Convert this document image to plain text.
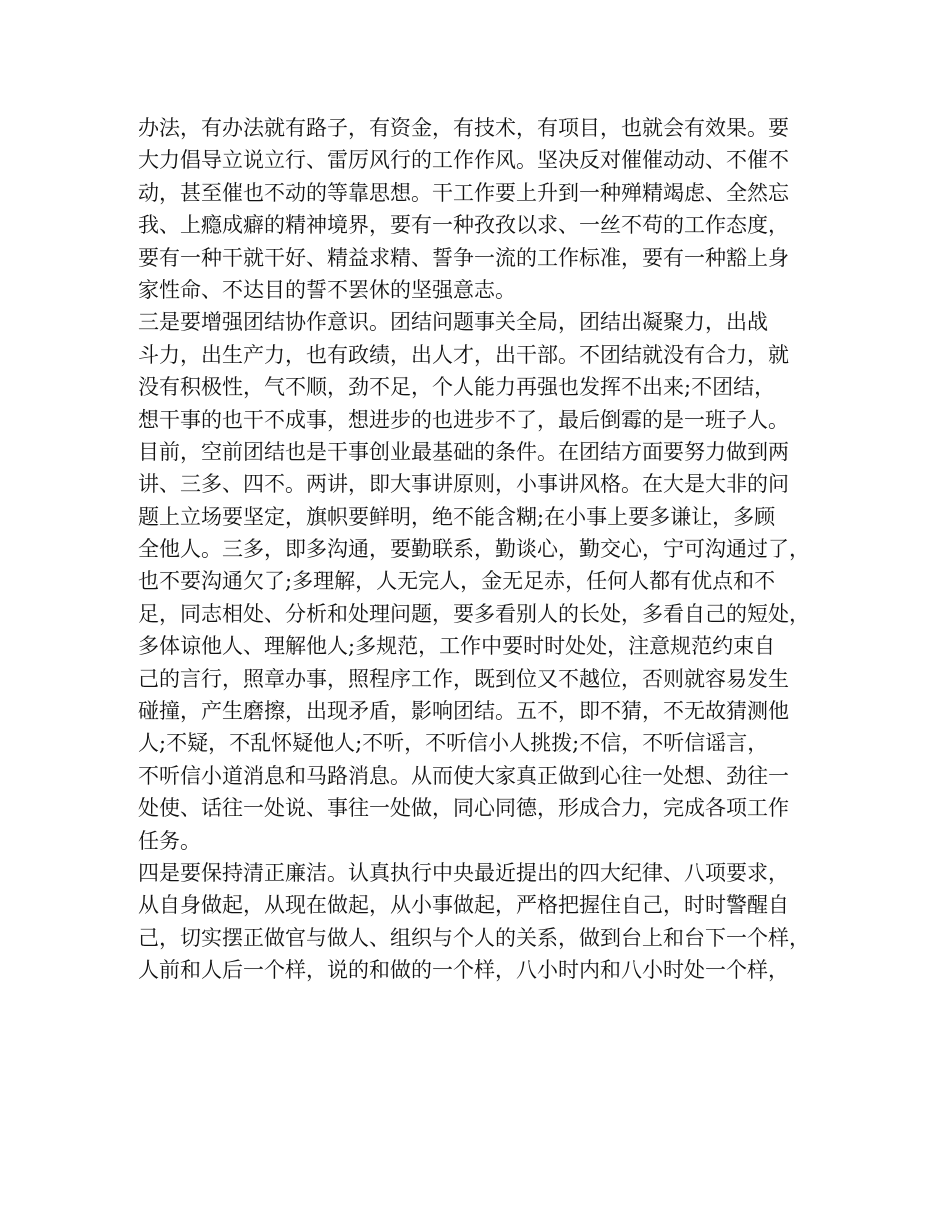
办法，有办法就有路子，有资金，有技术，有项目，也就会有效果。要
大力倡导立说立行、雷厉风行的工作作风。坚决反对催催动动、不催不
动，甚至催也不动的等靠思想。干工作要上升到一种殚精竭虑、全然忘
我、上瘾成癖的精神境界，要有一种孜孜以求、一丝不苟的工作态度，
要有一种干就干好、精益求精、誓争一流的工作标准，要有一种豁上身
家性命、不达目的誓不罢休的坚强意志。
三是要增强团结协作意识。团结问题事关全局，团结出凝聚力，出战
斗力，出生产力，也有政绩，出人才，出干部。不团结就没有合力，就
没有积极性，气不顺，劲不足，个人能力再强也发挥不出来;不团结，
想干事的也干不成事，想进步的也进步不了，最后倒霉的是一班子人。
目前，空前团结也是干事创业最基础的条件。在团结方面要努力做到两
讲、三多、四不。两讲，即大事讲原则，小事讲风格。在大是大非的问
题上立场要坚定，旗帜要鲜明，绝不能含糊;在小事上要多谦让，多顾
全他人。三多，即多沟通，要勤联系，勤谈心，勤交心，宁可沟通过了，
也不要沟通欠了;多理解，人无完人，金无足赤，任何人都有优点和不
足，同志相处、分析和处理问题，要多看别人的长处，多看自己的短处，
多体谅他人、理解他人;多规范，工作中要时时处处，注意规范约束自
己的言行，照章办事，照程序工作，既到位又不越位，否则就容易发生
碰撞，产生磨擦，出现矛盾，影响团结。五不，即不猜，不无故猜测他
人;不疑，不乱怀疑他人;不听，不听信小人挑拨;不信，不听信谣言，
不听信小道消息和马路消息。从而使大家真正做到心往一处想、劲往一
处使、话往一处说、事往一处做，同心同德，形成合力，完成各项工作
任务。
四是要保持清正廉洁。认真执行中央最近提出的四大纪律、八项要求，
从自身做起，从现在做起，从小事做起，严格把握住自己，时时警醒自
己，切实摆正做官与做人、组织与个人的关系，做到台上和台下一个样，
人前和人后一个样，说的和做的一个样，八小时内和八小时处一个样，
